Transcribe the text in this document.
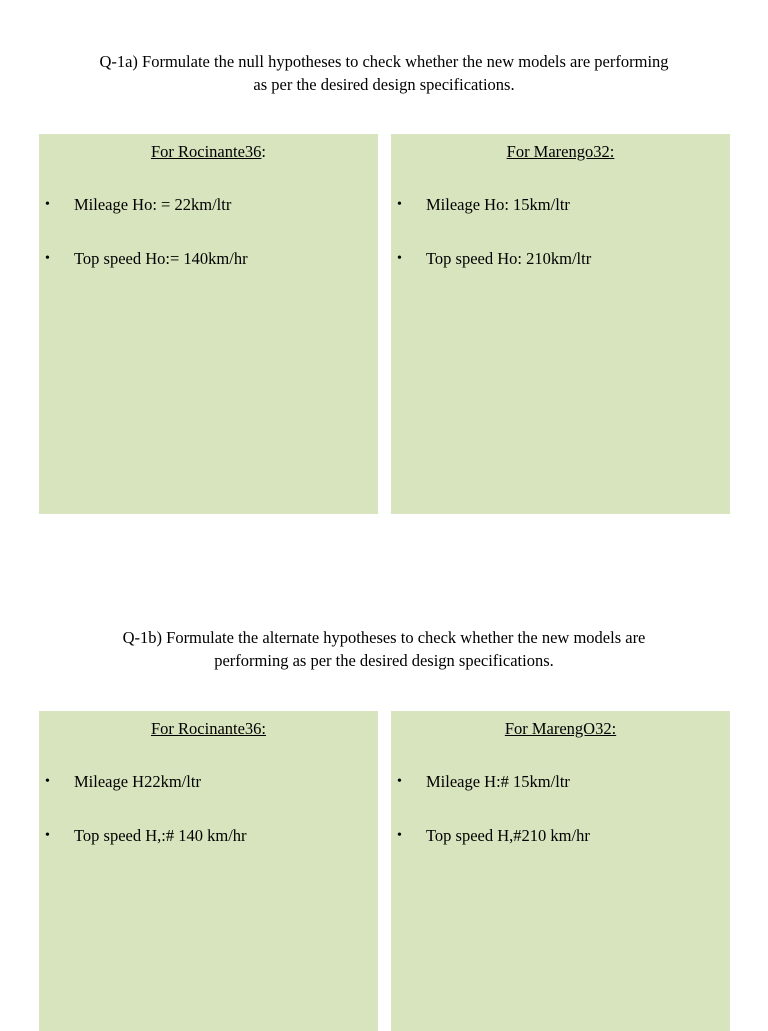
Q-1a) Formulate the null hypotheses to check whether the new models are performing
as per the desired design specifications.
For Rocinante36:
• Mileage Ho: = 22km/ltr
• Top speed Ho:= 140km/hr
For Marengo32:
• Mileage Ho: 15km/ltr
• Top speed Ho: 210km/ltr
Q-1b) Formulate the alternate hypotheses to check whether the new models are
performing as per the desired design specifications.
For Rocinante36:
• Mileage H22km/ltr
• Top speed H,:# 140 km/hr
For MarengO32:
• Mileage H:# 15km/ltr
• Top speed H,#210 km/hr
